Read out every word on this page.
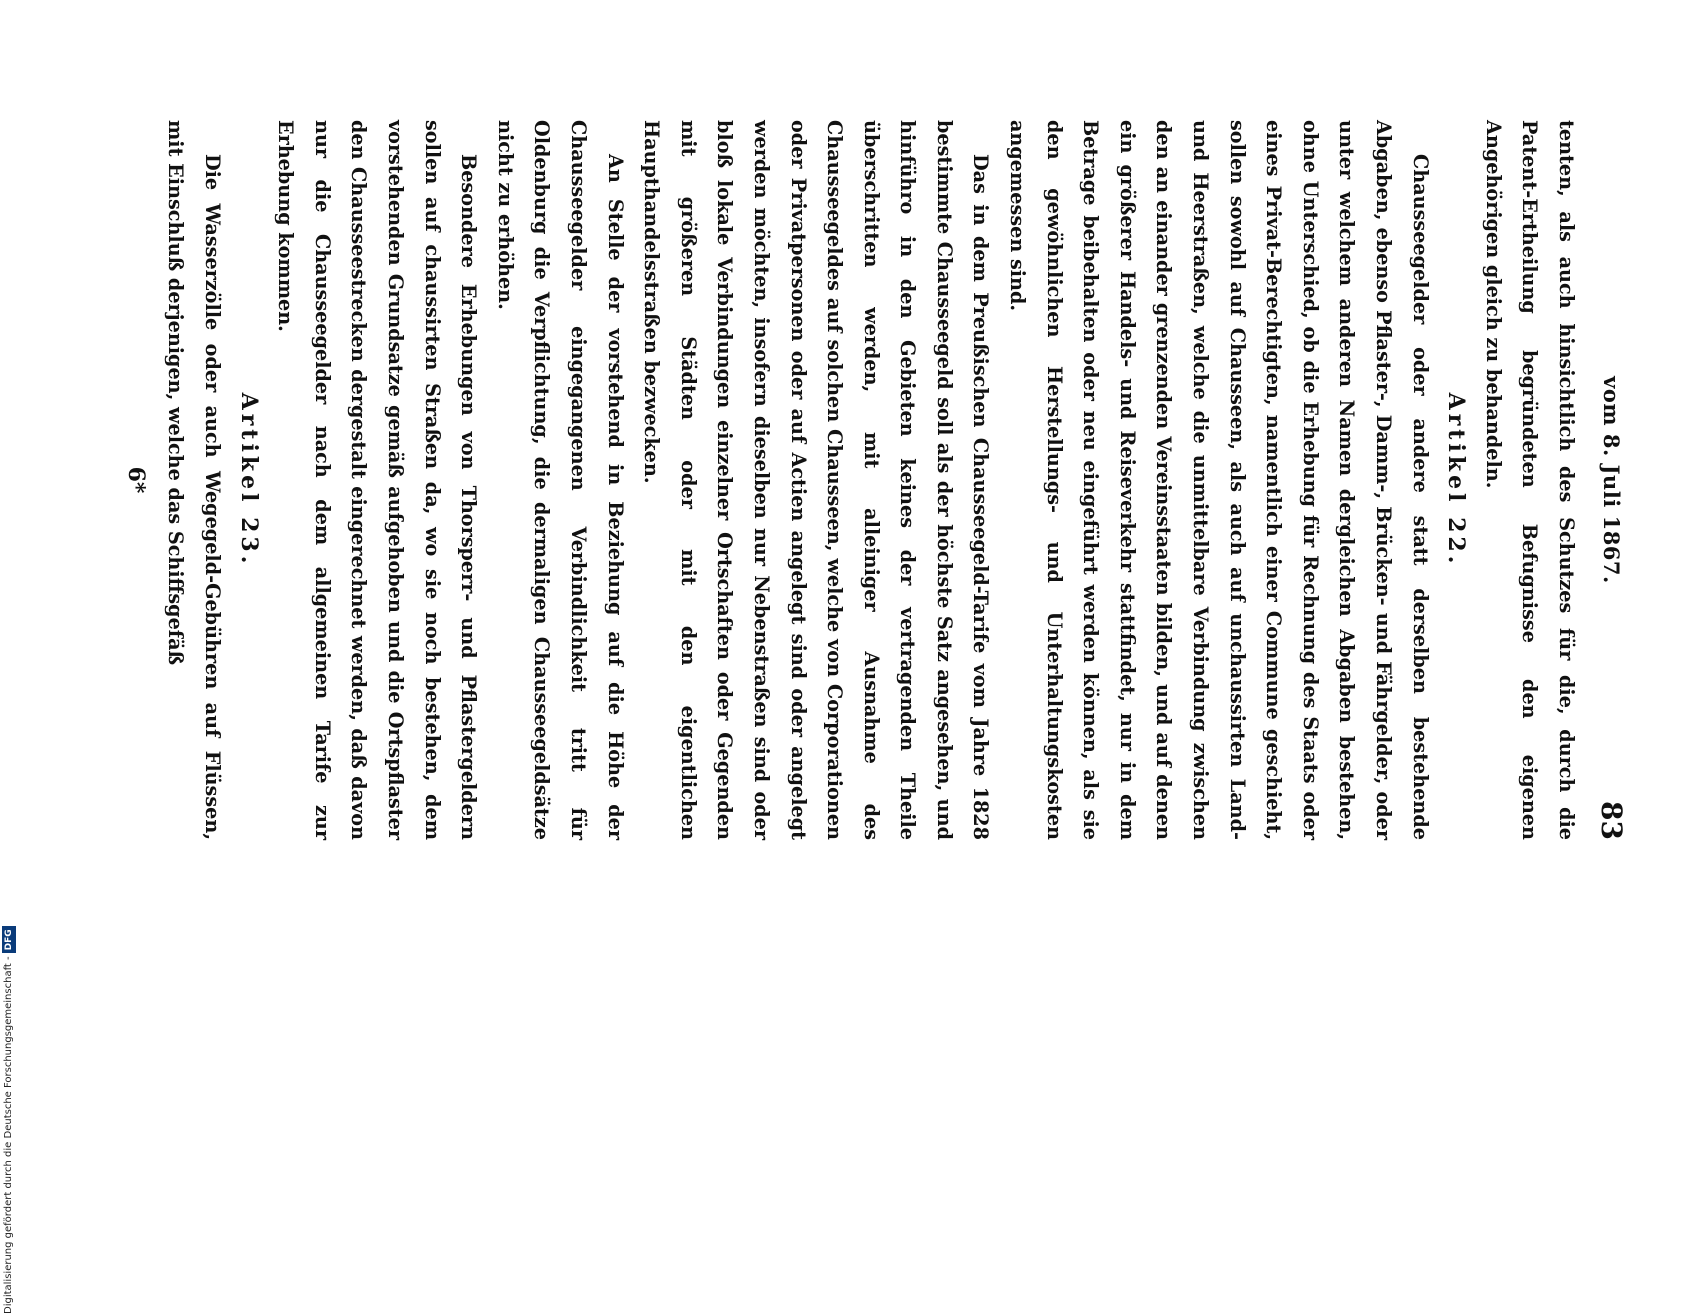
Digitalisierung gefördert durch die Deutsche Forschungsgemeinschaft -
DFG
vom 8. Juli 1867.
83

tenten, als auch hinsichtlich des Schutzes für die, durch die Patent-Ertheilung begründeten Befugnisse den eigenen Angehörigen gleich zu behandeln.

Artikel 22.

Chausseegelder oder andere statt derselben bestehende Abgaben, ebenso Pflaster-, Damm-, Brücken- und Fährgelder, oder unter welchem anderen Namen dergleichen Abgaben bestehen, ohne Unterschied, ob die Erhebung für Rechnung des Staats oder eines Privat-Berechtigten, namentlich einer Commune geschieht, sollen sowohl auf Chausseen, als auch auf unchaussirten Land- und Heerstraßen, welche die unmittelbare Verbindung zwischen den an einander grenzenden Vereinsstaaten bilden, und auf denen ein größerer Handels- und Reiseverkehr stattfindet, nur in dem Betrage beibehalten oder neu eingeführt werden können, als sie den gewöhnlichen Herstellungs- und Unterhaltungskosten angemessen sind.

Das in dem Preußischen Chausseegeld-Tarife vom Jahre 1828 bestimmte Chausseegeld soll als der höchste Satz angesehen, und hinführo in den Gebieten keines der vertragenden Theile überschritten werden, mit alleiniger Ausnahme des Chausseegeldes auf solchen Chausseen, welche von Corporationen oder Privatpersonen oder auf Actien angelegt sind oder angelegt werden möchten, insofern dieselben nur Nebenstraßen sind oder bloß lokale Verbindungen einzelner Ortschaften oder Gegenden mit größeren Städten oder mit den eigentlichen Haupthandelsstraßen bezwecken.

An Stelle der vorstehend in Beziehung auf die Höhe der Chausseegelder eingegangenen Verbindlichkeit tritt für Oldenburg die Verpflichtung, die dermaligen Chausseegeldsätze nicht zu erhöhen.

Besondere Erhebungen von Thorsperr- und Pflastergeldern sollen auf chaussirten Straßen da, wo sie noch bestehen, dem vorstehenden Grundsatze gemäß aufgehoben und die Ortspflaster den Chausseestrecken dergestalt eingerechnet werden, daß davon nur die Chausseegelder nach dem allgemeinen Tarife zur Erhebung kommen.

Artikel 23.

Die Wasserzölle oder auch Wegegeld-Gebühren auf Flüssen, mit Einschluß derjenigen, welche das Schiffsgefäß

6*
